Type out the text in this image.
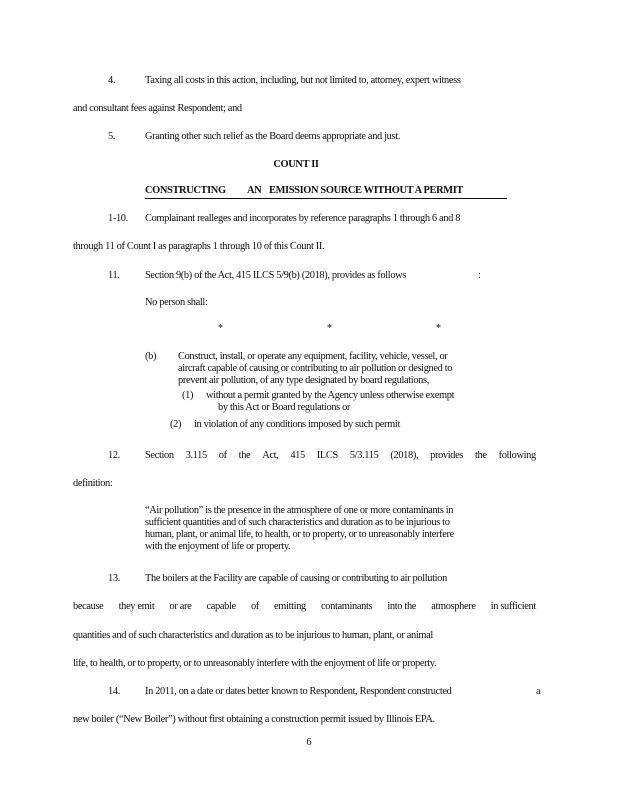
4.	Taxing all costs in this action, including, but not limited to, attorney, expert witness
and consultant fees against Respondent; and
5.	Granting other such relief as the Board deems appropriate and just.
COUNT II
CONSTRUCTING AN EMISSION SOURCE WITHOUT A PERMIT
1-10. Complainant realleges and incorporates by reference paragraphs 1 through 6 and 8
through 11 of Count I as paragraphs 1 through 10 of this Count II.
11. Section 9(b) of the Act, 415 ILCS 5/9(b) (2018), provides as follows	:
No person shall:
*	*	*
(b) Construct, install, or operate any equipment, facility, vehicle, vessel, or
aircraft capable of causing or contributing to air pollution or designed to
prevent air pollution, of any type designated by board regulations,
(1) without a permit granted by the Agency unless otherwise exempt
by this Act or Board regulations or
(2) in violation of any conditions imposed by such permit
12. Section 3.115 of the Act, 415 ILCS 5/3.115 (2018), provides the following
definition:
“Air pollution” is the presence in the atmosphere of one or more contaminants in
sufficient quantities and of such characteristics and duration as to be injurious to
human, plant, or animal life, to health, or to property, or to unreasonably interfere
with the enjoyment of life or property.
13. The boilers at the Facility are capable of causing or contributing to air pollution
because they emit or are capable of emitting contaminants into the atmosphere in sufficient
quantities and of such characteristics and duration as to be injurious to human, plant, or animal
life, to health, or to property, or to unreasonably interfere with the enjoyment of life or property.
14. In 2011, on a date or dates better known to Respondent, Respondent constructed	a
new boiler (“New Boiler”) without first obtaining a construction permit issued by Illinois EPA.
6
